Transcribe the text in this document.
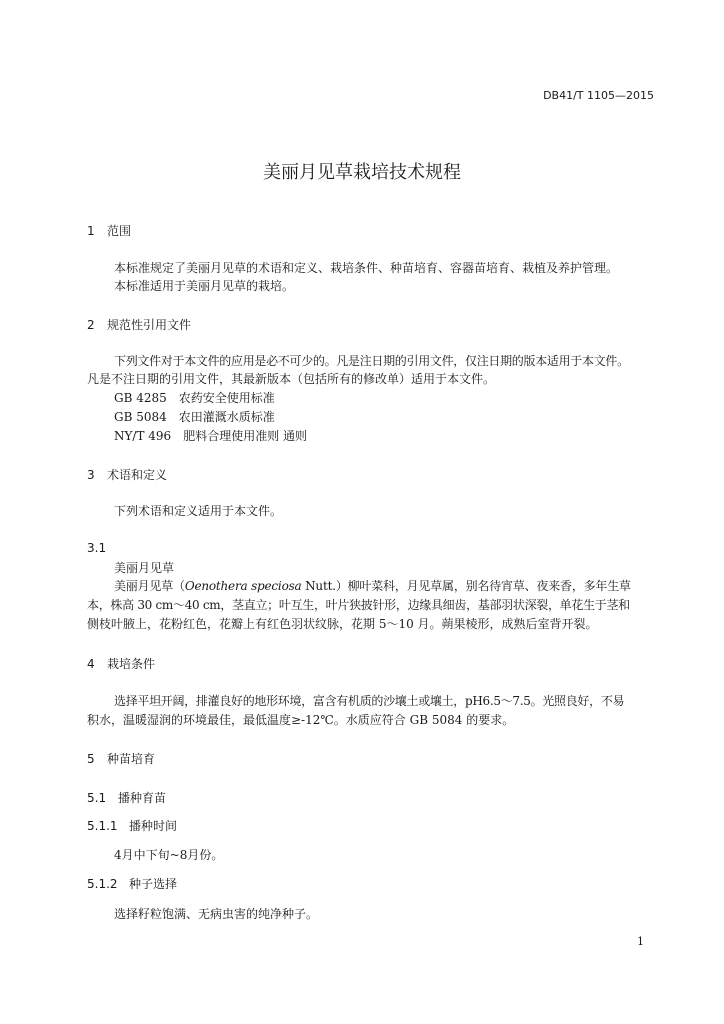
DB41/T 1105—2015
美丽月见草栽培技术规程
1 范围
本标准规定了美丽月见草的术语和定义、栽培条件、种苗培育、容器苗培育、栽植及养护管理。
本标准适用于美丽月见草的栽培。
2 规范性引用文件
下列文件对于本文件的应用是必不可少的。凡是注日期的引用文件，仅注日期的版本适用于本文件。
凡是不注日期的引用文件，其最新版本（包括所有的修改单）适用于本文件。
GB 4285　农药安全使用标准
GB 5084　农田灌溉水质标准
NY/T 496　肥料合理使用准则 通则
3 术语和定义
下列术语和定义适用于本文件。
3.1
美丽月见草
美丽月见草（Oenothera speciosa Nutt.）柳叶菜科，月见草属，别名待宵草、夜来香，多年生草
本，株高 30 cm～40 cm，茎直立；叶互生，叶片狭披针形，边缘具细齿，基部羽状深裂，单花生于茎和
侧枝叶腋上，花粉红色，花瓣上有红色羽状纹脉，花期 5～10 月。蒴果棱形，成熟后室背开裂。
4 栽培条件
选择平坦开阔，排灌良好的地形环境，富含有机质的沙壤土或壤土，pH6.5～7.5。光照良好，不易
积水，温暖湿润的环境最佳，最低温度≥-12℃。水质应符合 GB 5084 的要求。
5 种苗培育
5.1 播种育苗
5.1.1 播种时间
4月中下旬~8月份。
5.1.2 种子选择
选择籽粒饱满、无病虫害的纯净种子。
1
